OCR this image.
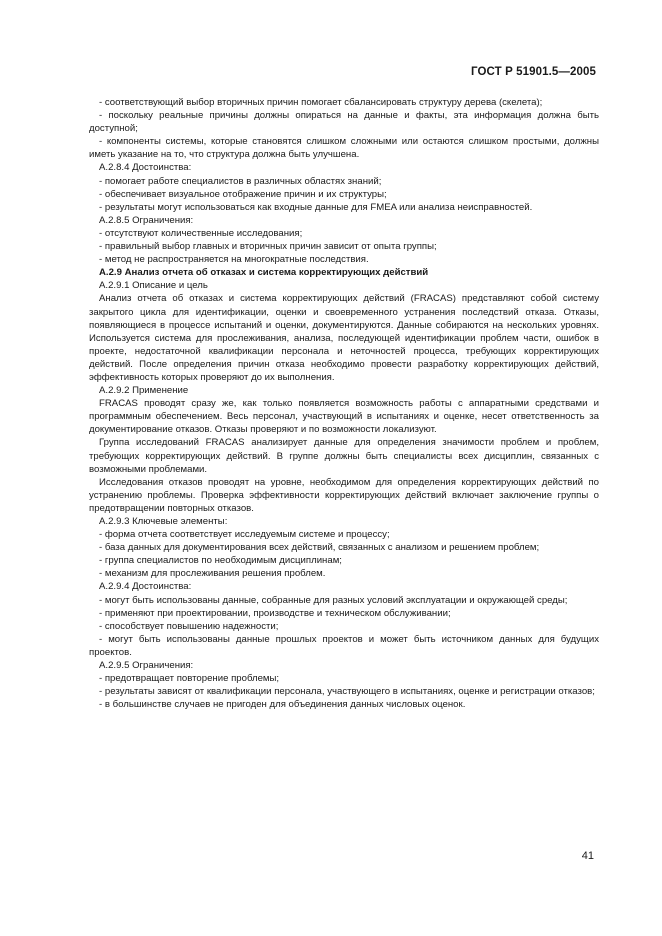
ГОСТ Р 51901.5—2005

- соответствующий выбор вторичных причин помогает сбалансировать структуру дерева (скелета);

- поскольку реальные причины должны опираться на данные и факты, эта информация должна быть доступной;

- компоненты системы, которые становятся слишком сложными или остаются слишком простыми, должны иметь указание на то, что структура должна быть улучшена.

А.2.8.4 Достоинства:

- помогает работе специалистов в различных областях знаний;

- обеспечивает визуальное отображение причин и их структуры;

- результаты могут использоваться как входные данные для FMEA или анализа неисправностей.

А.2.8.5 Ограничения:

- отсутствуют количественные исследования;

- правильный выбор главных и вторичных причин зависит от опыта группы;

- метод не распространяется на многократные последствия.

А.2.9 Анализ отчета об отказах и система корректирующих действий

А.2.9.1 Описание и цель

Анализ отчета об отказах и система корректирующих действий (FRACAS) представляют собой систему закрытого цикла для идентификации, оценки и своевременного устранения последствий отказа. Отказы, появляющиеся в процессе испытаний и оценки, документируются. Данные собираются на нескольких уровнях. Используется система для прослеживания, анализа, последующей идентификации проблем части, ошибок в проекте, недостаточной квалификации персонала и неточностей процесса, требующих корректирующих действий. После определения причин отказа необходимо провести разработку корректирующих действий, эффективность которых проверяют до их выполнения.

А.2.9.2 Применение

FRACAS проводят сразу же, как только появляется возможность работы с аппаратными средствами и программным обеспечением. Весь персонал, участвующий в испытаниях и оценке, несет ответственность за документирование отказов. Отказы проверяют и по возможности локализуют.

Группа исследований FRACAS анализирует данные для определения значимости проблем и проблем, требующих корректирующих действий. В группе должны быть специалисты всех дисциплин, связанных с возможными проблемами.

Исследования отказов проводят на уровне, необходимом для определения корректирующих действий по устранению проблемы. Проверка эффективности корректирующих действий включает заключение группы о предотвращении повторных отказов.

А.2.9.3 Ключевые элементы:

- форма отчета соответствует исследуемым системе и процессу;

- база данных для документирования всех действий, связанных с анализом и решением проблем;

- группа специалистов по необходимым дисциплинам;

- механизм для прослеживания решения проблем.

А.2.9.4 Достоинства:

- могут быть использованы данные, собранные для разных условий эксплуатации и окружающей среды;

- применяют при проектировании, производстве и техническом обслуживании;

- способствует повышению надежности;

- могут быть использованы данные прошлых проектов и может быть источником данных для будущих проектов.

А.2.9.5 Ограничения:

- предотвращает повторение проблемы;

- результаты зависят от квалификации персонала, участвующего в испытаниях, оценке и регистрации отказов;

- в большинстве случаев не пригоден для объединения данных числовых оценок.

41
